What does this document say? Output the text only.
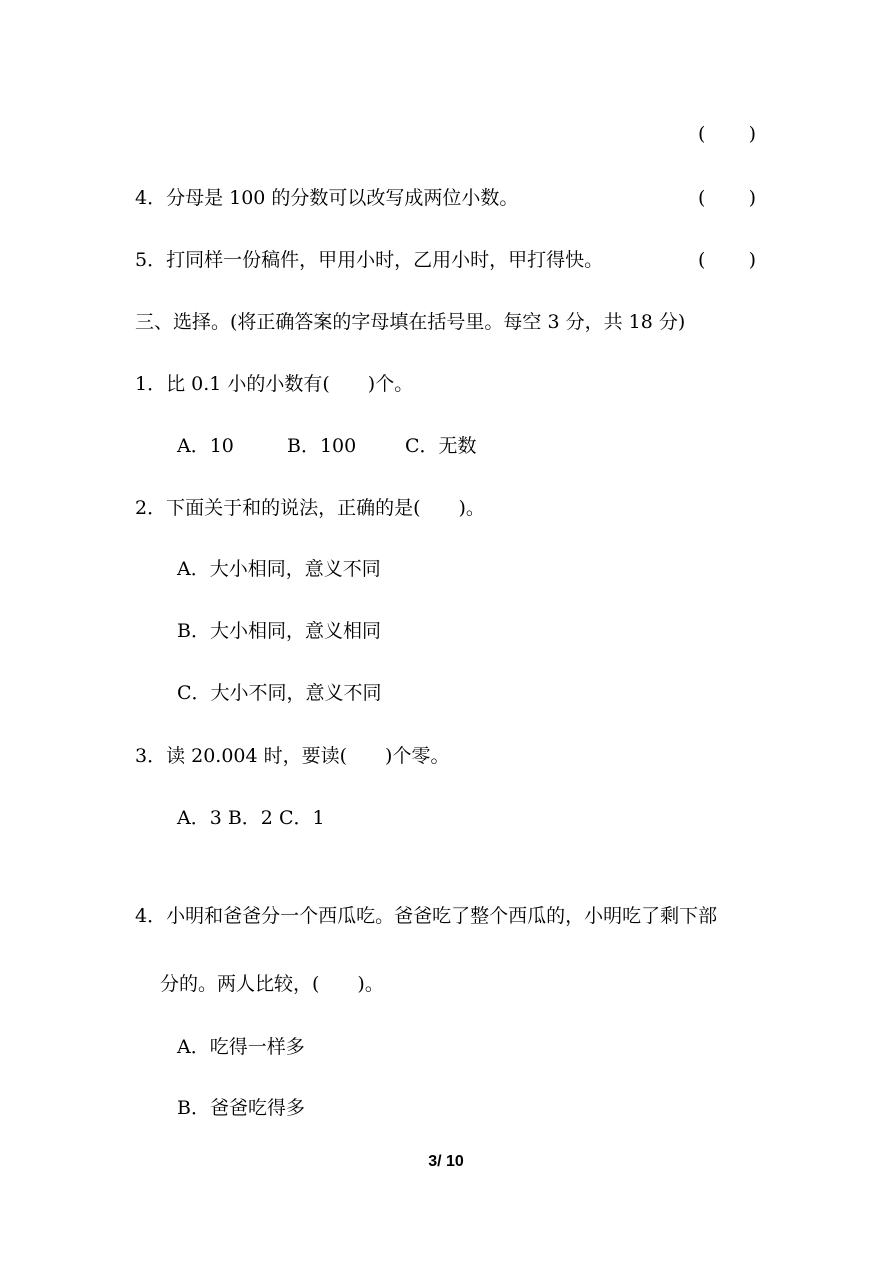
( )
4．分母是 100 的分数可以改写成两位小数。	( )
5．打同样一份稿件，甲用小时，乙用小时，甲打得快。	( )
三、选择。(将正确答案的字母填在括号里。每空 3 分，共 18 分)
1．比 0.1 小的小数有(　　)个。
A．10	B．100	C．无数
2．下面关于和的说法，正确的是(　　)。
A．大小相同，意义不同
B．大小相同，意义相同
C．大小不同，意义不同
3．读 20.004 时，要读(　　)个零。
A．3 B．2 C．1
4．小明和爸爸分一个西瓜吃。爸爸吃了整个西瓜的，小明吃了剩下部
分的。两人比较，(　　)。
A．吃得一样多
B．爸爸吃得多
3/ 10
